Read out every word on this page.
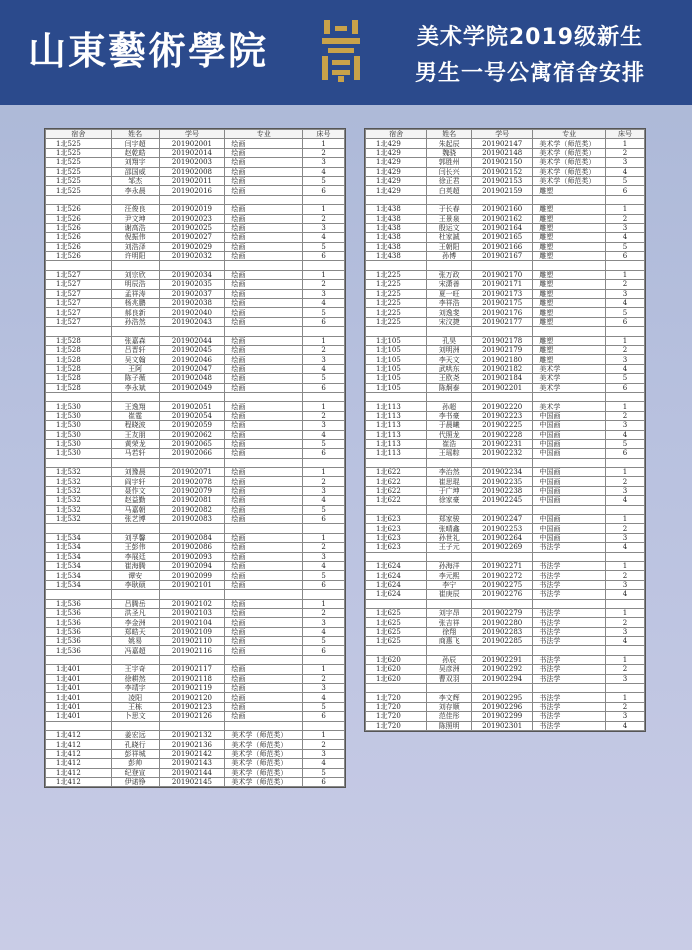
山東藝術學院	美术学院2019级新生
男生一号公寓宿舍安排
宿舍	姓名	学号	专业	床号
1北525	闫宇超	201902001	绘画	1
1北525	赵乾皓	201902014	绘画	2
1北525	刘翔宇	201902003	绘画	3
1北525	邵国威	201902008	绘画	4
1北525	邹杰	201902011	绘画	5
1北525	李永晨	201902016	绘画	6

1北526	汪俊良	201902019	绘画	1
1北526	尹文坤	201902023	绘画	2
1北526	谢高浩	201902025	绘画	3
1北526	倪振伟	201902027	绘画	4
1北526	刘浩泽	201902029	绘画	5
1北526	许明阳	201902032	绘画	6

1北527	刘宗欣	201902034	绘画	1
1北527	明辰浩	201902035	绘画	2
1北527	孟祥涛	201902037	绘画	3
1北527	杨兆鹏	201902038	绘画	4
1北527	郝良新	201902040	绘画	5
1北527	孙浩然	201902043	绘画	6

1北528	张嘉森	201902044	绘画	1
1北528	吕晋轩	201902045	绘画	2
1北528	吴文翰	201902046	绘画	3
1北528	王阿	201902047	绘画	4
1北528	陈子薇	201902048	绘画	5
1北528	李永斌	201902049	绘画	6

1北530	王逸翔	201902051	绘画	1
1北530	崔霆	201902054	绘画	2
1北530	程晓波	201902059	绘画	3
1北530	王友朋	201902062	绘画	4
1北530	黄荣龙	201902065	绘画	5
1北530	马若轩	201902066	绘画	6

1北532	刘豫晨	201902071	绘画	1
1北532	阎宇轩	201902078	绘画	2
1北532	聂作文	201902079	绘画	3
1北532	赵益勤	201902081	绘画	4
1北532	马嘉朝	201902082	绘画	5
1北532	张艺博	201902083	绘画	6

1北534	刘孚馨	201902084	绘画	1
1北534	王彭伟	201902086	绘画	2
1北534	李展廷	201902093	绘画	3
1北534	崔海腾	201902094	绘画	4
1北534	谭安	201902099	绘画	5
1北534	李耿硕	201902101	绘画	6

1北536	吕腾岳	201902102	绘画	1
1北536	洪圣凡	201902103	绘画	2
1北536	李金洲	201902104	绘画	3
1北536	郑皓天	201902109	绘画	4
1北536	姚易	201902110	绘画	5
1北536	冯嘉超	201902116	绘画	6

1北401	王宇奇	201902117	绘画	1
1北401	徐耕然	201902118	绘画	2
1北401	李靖宇	201902119	绘画	3
1北401	凌阳	201902120	绘画	4
1北401	王栋	201902123	绘画	5
1北401	卜思文	201902126	绘画	6

1北412	姜宏远	201902132	美术学（师范类）	1
1北412	孔晓行	201902136	美术学（师范类）	2
1北412	彭祥城	201902142	美术学（师范类）	3
1北412	彭帅	201902143	美术学（师范类）	4
1北412	纪登宣	201902144	美术学（师范类）	5
1北412	伊诺铮	201902145	美术学（师范类）	6
宿舍	姓名	学号	专业	床号
1北429	朱起辰	201902147	美术学（师范类）	1
1北429	魏骁	201902148	美术学（师范类）	2
1北429	郭胜州	201902150	美术学（师范类）	3
1北429	闫长兴	201902152	美术学（师范类）	4
1北429	徐正君	201902153	美术学（师范类）	5
1北429	白英超	201902159	雕塑	6

1北438	于长春	201902160	雕塑	1
1北438	王景泉	201902162	雕塑	2
1北438	殷运文	201902164	雕塑	3
1北438	杜家誠	201902165	雕塑	4
1北438	王朝阳	201902166	雕塑	5
1北438	孙博	201902167	雕塑	6

1北225	张万政	201902170	雕塑	1
1北225	宋潇善	201902171	雕塑	2
1北225	夏一旺	201902173	雕塑	3
1北225	李祥浩	201902175	雕塑	4
1北225	刘逸斐	201902176	雕塑	5
1北225	宋汶捷	201902177	雕塑	6

1北105	孔昊	201902178	雕塑	1
1北105	刘明洲	201902179	雕塑	2
1北105	李天文	201902180	雕塑	3
1北105	武哄东	201902182	美术学	4
1北105	王欧尧	201902184	美术学	5
1北105	陈炯泰	201902201	美术学	6

1北113	孙超	201902220	美术学	1
1北113	李书豪	201902223	中国画	2
1北113	于晨曦	201902225	中国画	3
1北113	代照龙	201902228	中国画	4
1北113	崔浩	201902231	中国画	5
1北113	王瑶粽	201902232	中国画	6

1北622	李治然	201902234	中国画	1
1北622	崔思琨	201902235	中国画	2
1北622	于广坤	201902238	中国画	3
1北622	徐家豪	201902245	中国画	4

1北623	郑家骏	201902247	中国画	1
1北623	张晴鑫	201902253	中国画	2
1北623	孙世礼	201902264	中国画	3
1北623	王子元	201902269	书法学	4

1北624	孙海洋	201902271	书法学	1
1北624	李元熙	201902272	书法学	2
1北624	李宁	201902275	书法学	3
1北624	崔庚辰	201902276	书法学	4

1北625	刘宇昂	201902279	书法学	1
1北625	张吉祥	201902280	书法学	2
1北625	徐翔	201902283	书法学	3
1北625	商惠飞	201902285	书法学	4

1北620	孙辰	201902291	书法学	1
1北620	吴彦洲	201902292	书法学	2
1北620	曹双羽	201902294	书法学	3

1北720	李文辉	201902295	书法学	1
1北720	刘存顺	201902296	书法学	2
1北720	范佳彤	201902299	书法学	3
1北720	陈照明	201902301	书法学	4
